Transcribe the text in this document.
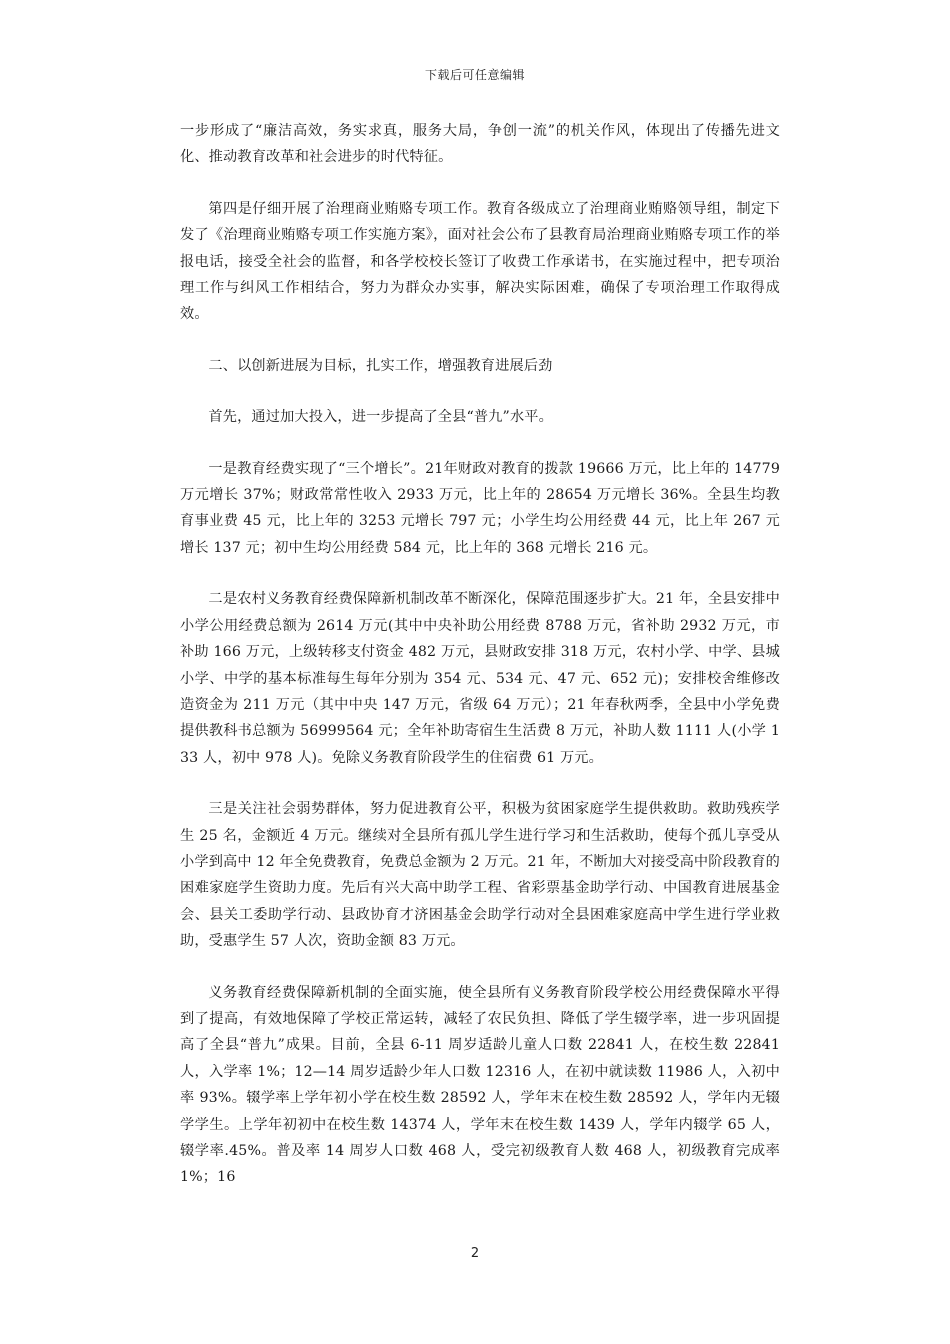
下载后可任意编辑

一步形成了“廉洁高效，务实求真，服务大局，争创一流”的机关作风，体现出了传播先进文化、推动教育改革和社会进步的时代特征。

第四是仔细开展了治理商业贿赂专项工作。教育各级成立了治理商业贿赂领导组，制定下发了《治理商业贿赂专项工作实施方案》，面对社会公布了县教育局治理商业贿赂专项工作的举报电话，接受全社会的监督，和各学校校长签订了收费工作承诺书，在实施过程中，把专项治理工作与纠风工作相结合，努力为群众办实事，解决实际困难，确保了专项治理工作取得成效。

二、以创新进展为目标，扎实工作，增强教育进展后劲

首先，通过加大投入，进一步提高了全县“普九”水平。

一是教育经费实现了“三个增长”。21年财政对教育的拨款 19666 万元，比上年的 14779 万元增长 37%；财政常常性收入 2933 万元，比上年的 28654 万元增长 36%。全县生均教育事业费 45 元，比上年的 3253 元增长 797 元；小学生均公用经费 44 元，比上年 267 元增长 137 元；初中生均公用经费 584 元，比上年的 368 元增长 216 元。

二是农村义务教育经费保障新机制改革不断深化，保障范围逐步扩大。21 年，全县安排中小学公用经费总额为 2614 万元(其中中央补助公用经费 8788 万元，省补助 2932 万元，市补助 166 万元，上级转移支付资金 482 万元，县财政安排 318 万元，农村小学、中学、县城小学、中学的基本标准每生每年分别为 354 元、534 元、47 元、652 元)；安排校舍维修改造资金为 211 万元（其中中央 147 万元，省级 64 万元）；21 年春秋两季，全县中小学免费提供教科书总额为 56999564 元；全年补助寄宿生生活费 8 万元，补助人数 1111 人(小学 133 人，初中 978 人)。免除义务教育阶段学生的住宿费 61 万元。

三是关注社会弱势群体，努力促进教育公平，积极为贫困家庭学生提供救助。救助残疾学生 25 名，金额近 4 万元。继续对全县所有孤儿学生进行学习和生活救助，使每个孤儿享受从小学到高中 12 年全免费教育，免费总金额为 2 万元。21 年，不断加大对接受高中阶段教育的困难家庭学生资助力度。先后有兴大高中助学工程、省彩票基金助学行动、中国教育进展基金会、县关工委助学行动、县政协育才济困基金会助学行动对全县困难家庭高中学生进行学业救助，受惠学生 57 人次，资助金额 83 万元。

义务教育经费保障新机制的全面实施，使全县所有义务教育阶段学校公用经费保障水平得到了提高，有效地保障了学校正常运转，减轻了农民负担、降低了学生辍学率，进一步巩固提高了全县“普九”成果。目前，全县 6-11 周岁适龄儿童人口数 22841 人，在校生数 22841 人，入学率 1%；12—14 周岁适龄少年人口数 12316 人，在初中就读数 11986 人，入初中率 93%。辍学率上学年初小学在校生数 28592 人，学年末在校生数 28592 人，学年内无辍学学生。上学年初初中在校生数 14374 人，学年末在校生数 1439 人，学年内辍学 65 人，辍学率.45%。普及率 14 周岁人口数 468 人，受完初级教育人数 468 人，初级教育完成率 1%；16

2
